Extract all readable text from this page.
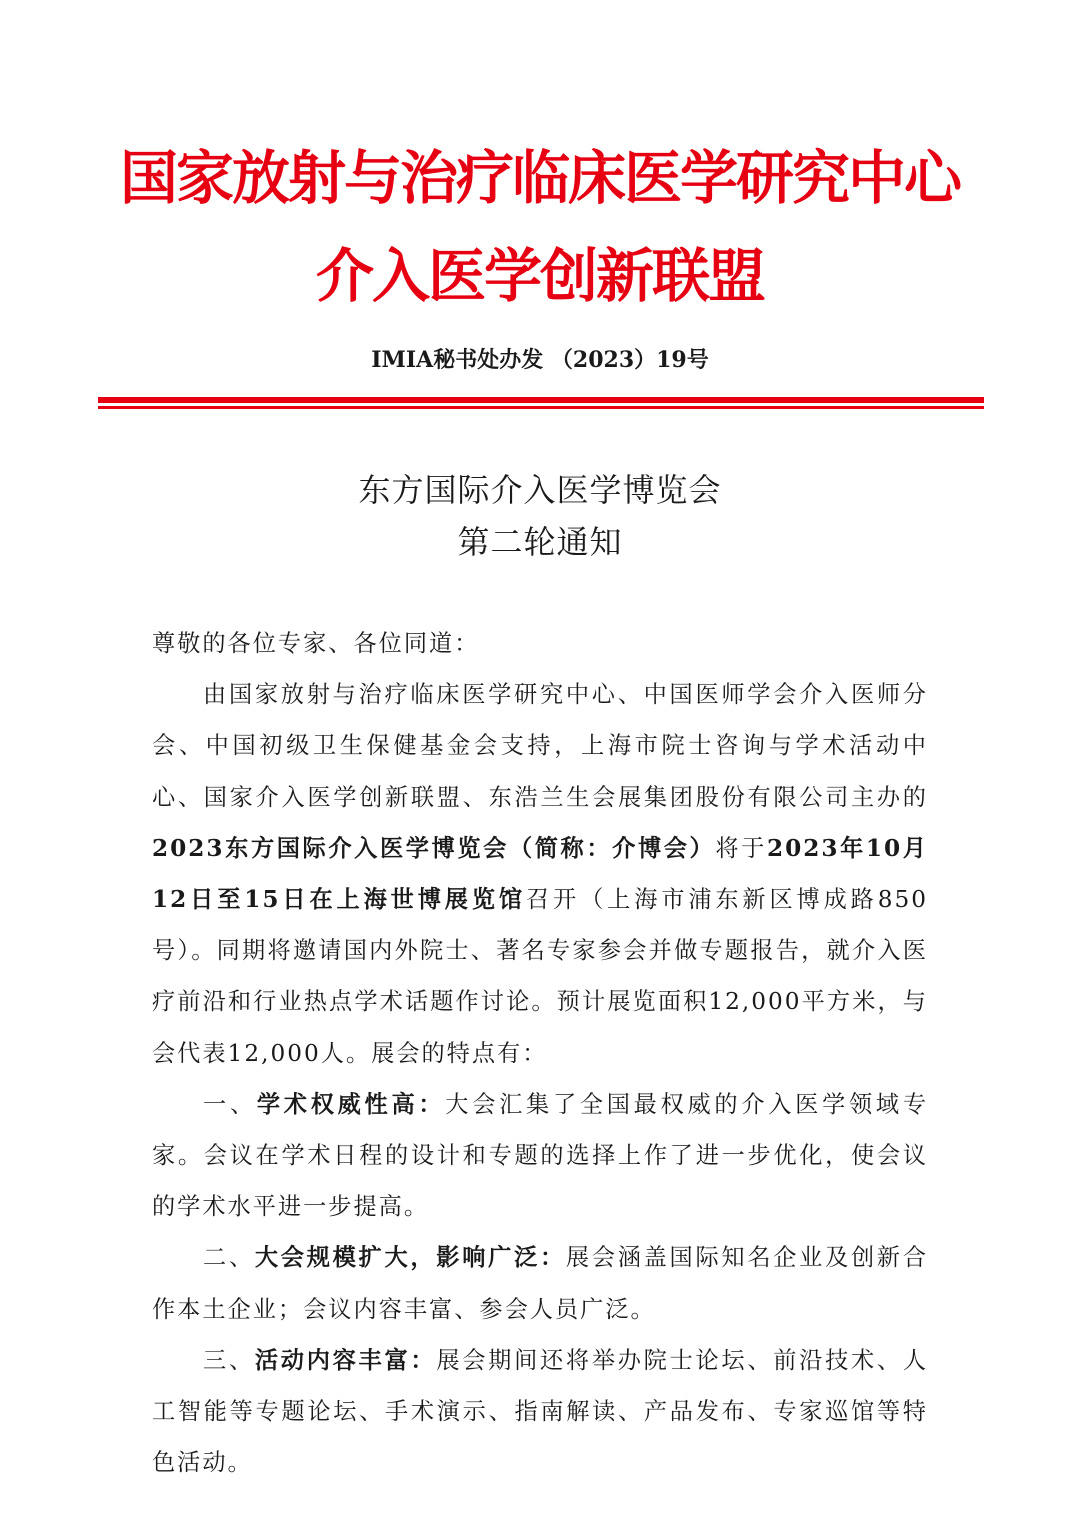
国家放射与治疗临床医学研究中心
介入医学创新联盟
IMIA秘书处办发 （2023）19号
东方国际介入医学博览会
第二轮通知

尊敬的各位专家、各位同道：

由国家放射与治疗临床医学研究中心、中国医师学会介入医师分会、中国初级卫生保健基金会支持，上海市院士咨询与学术活动中心、国家介入医学创新联盟、东浩兰生会展集团股份有限公司主办的2023东方国际介入医学博览会（简称：介博会）将于2023年10月12日至15日在上海世博展览馆召开（上海市浦东新区博成路850号）。同期将邀请国内外院士、著名专家参会并做专题报告，就介入医疗前沿和行业热点学术话题作讨论。预计展览面积12,000平方米，与会代表12,000人。展会的特点有：

一、学术权威性高：大会汇集了全国最权威的介入医学领域专家。会议在学术日程的设计和专题的选择上作了进一步优化，使会议的学术水平进一步提高。

二、大会规模扩大，影响广泛：展会涵盖国际知名企业及创新合作本土企业；会议内容丰富、参会人员广泛。

三、活动内容丰富：展会期间还将举办院士论坛、前沿技术、人工智能等专题论坛、手术演示、指南解读、产品发布、专家巡馆等特色活动。
